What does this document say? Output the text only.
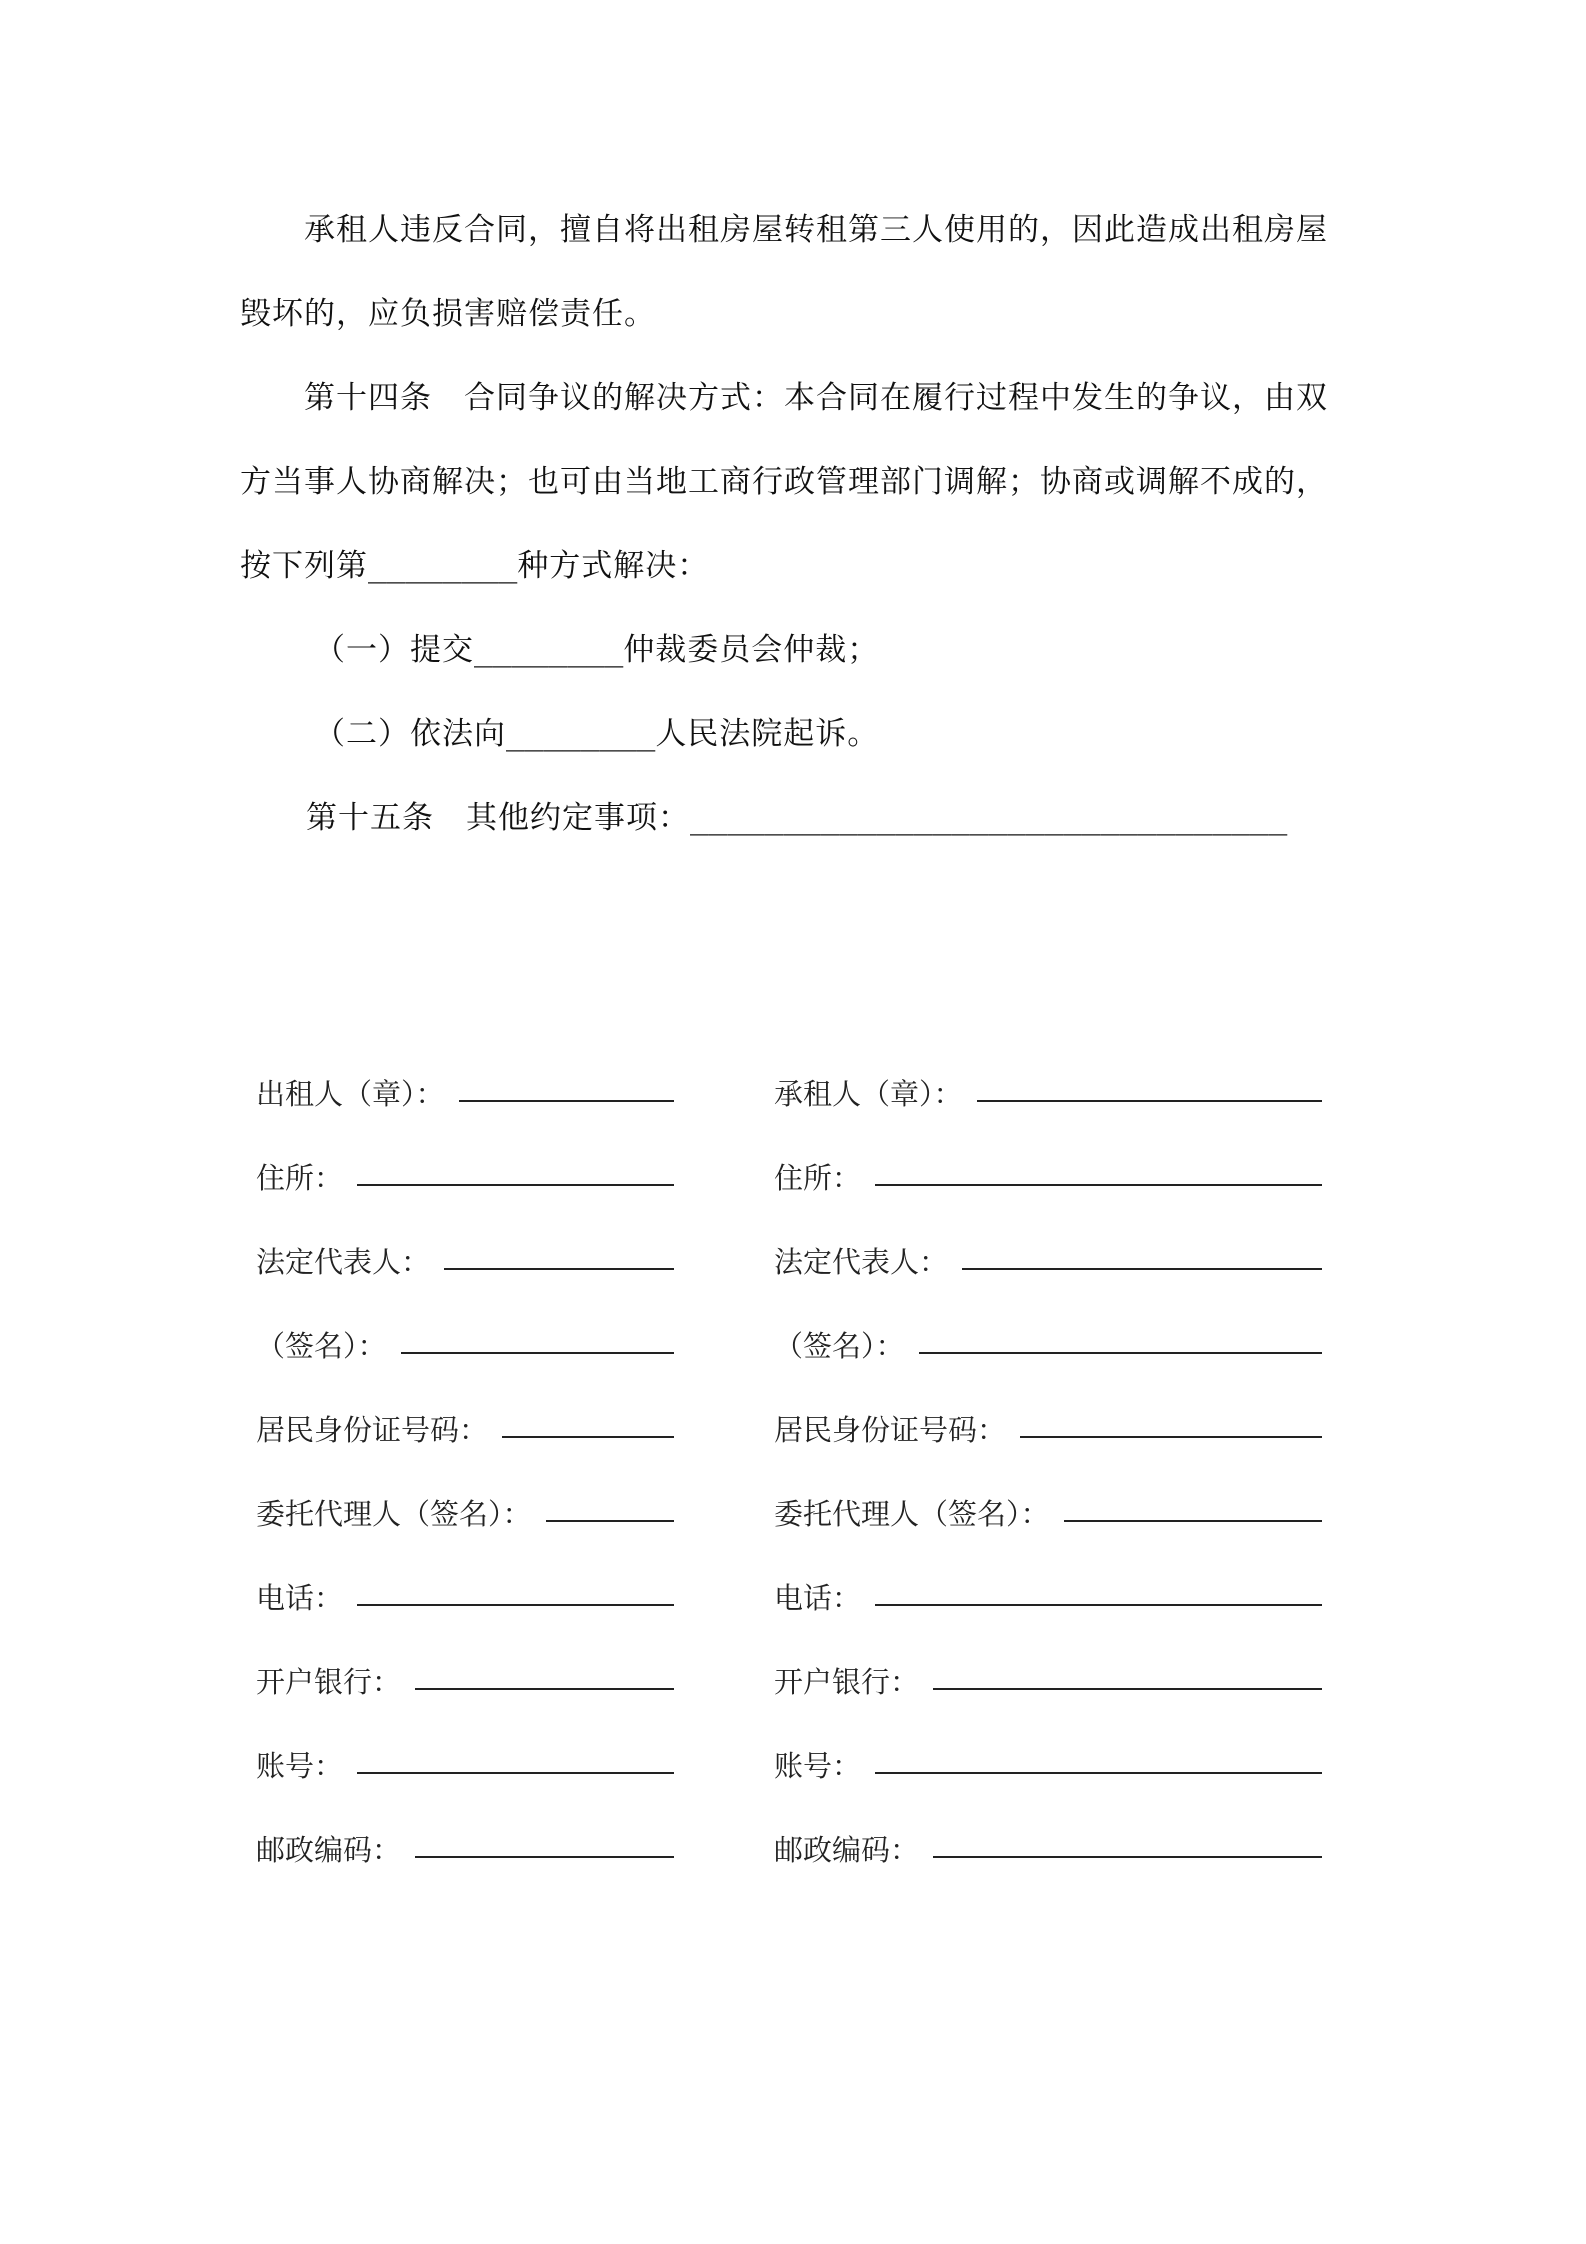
承租人违反合同，擅自将出租房屋转租第三人使用的，因此造成出租房屋毁坏的，应负损害赔偿责任。

第十四条　 合同争议的解决方式：本合同在履行过程中发生的争议，由双方当事人协商解决；也可由当地工商行政管理部门调解；协商或调解不成的，按下列第________种方式解决：

（一）提交________仲裁委员会仲裁；
（二）依法向________人民法院起诉。
第十五条　 其他约定事项：________________________________
出租人（章）：
住所：
法定代表人：
（签名）：
居民身份证号码：
委托代理人（签名）：
电话：
开户银行：
账号：
邮政编码：
承租人（章）：
住所：
法定代表人：
（签名）：
居民身份证号码：
委托代理人（签名）：
电话：
开户银行：
账号：
邮政编码：
